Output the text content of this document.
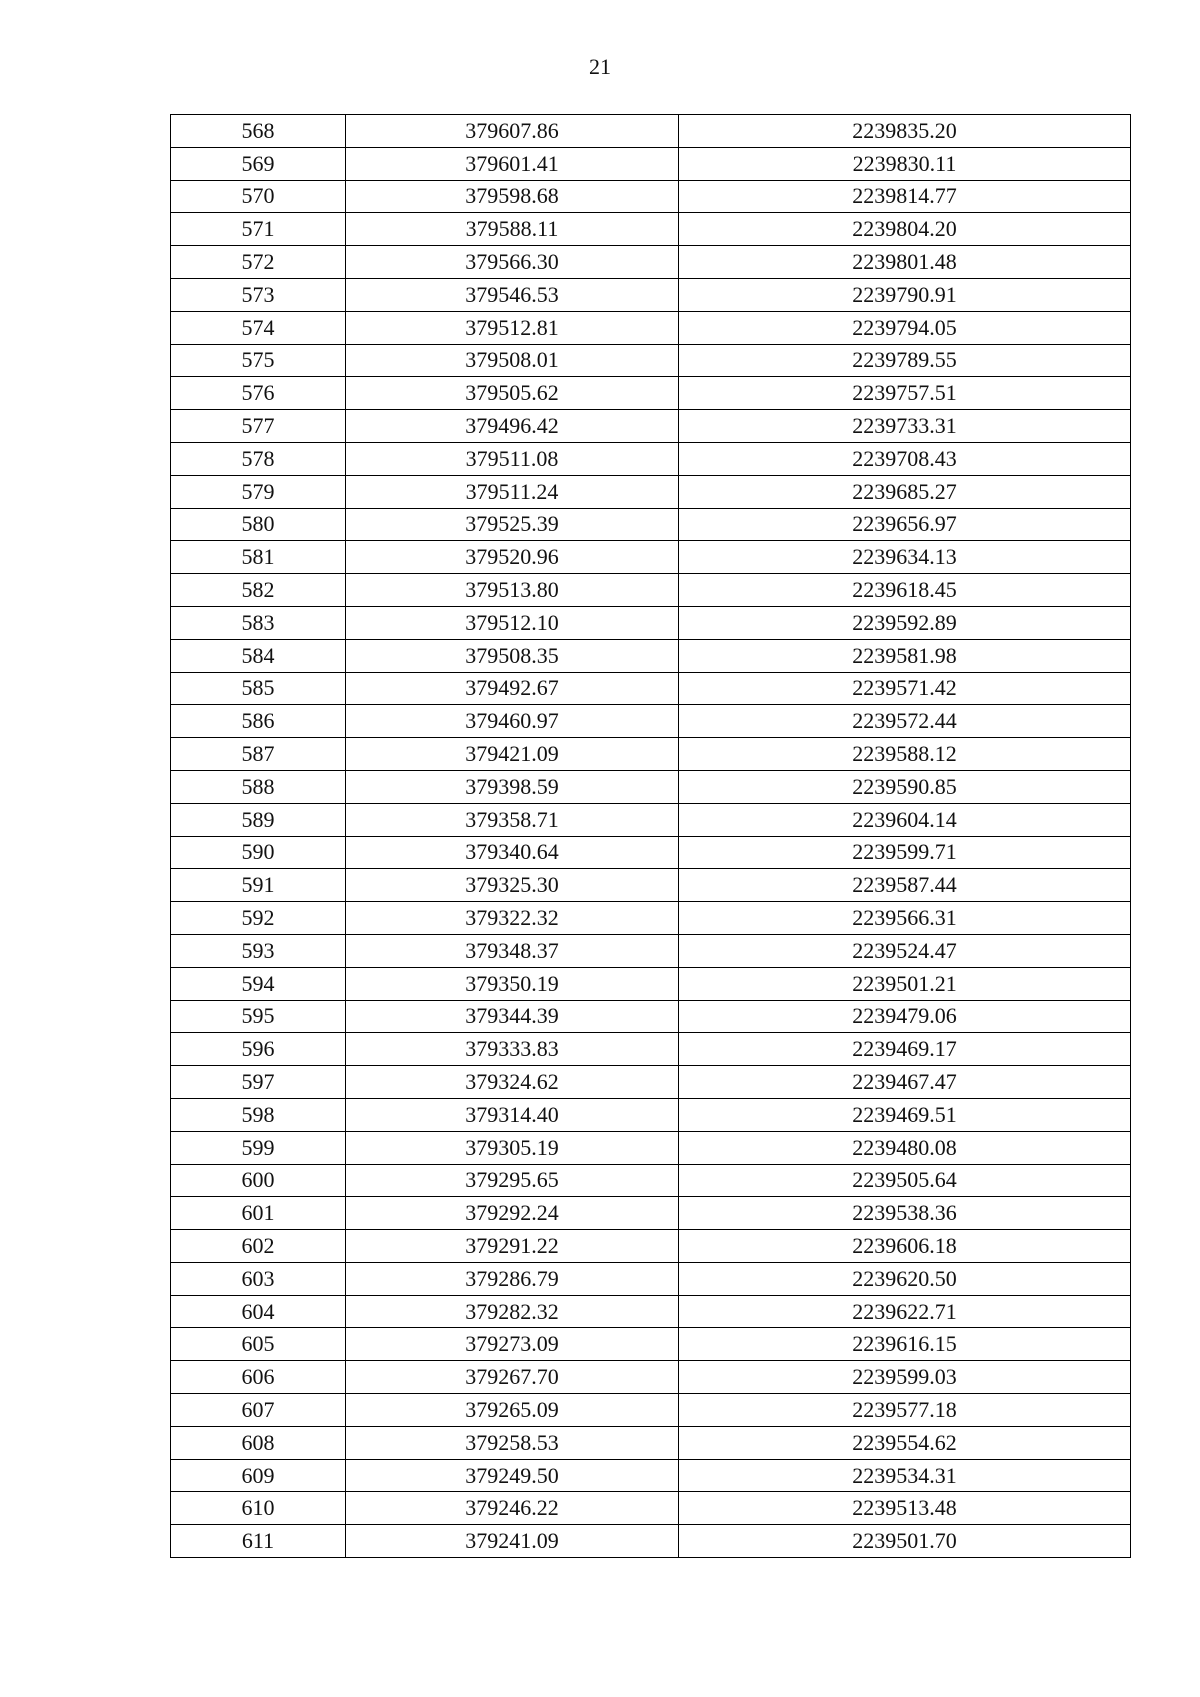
21
568	379607.86	2239835.20
569	379601.41	2239830.11
570	379598.68	2239814.77
571	379588.11	2239804.20
572	379566.30	2239801.48
573	379546.53	2239790.91
574	379512.81	2239794.05
575	379508.01	2239789.55
576	379505.62	2239757.51
577	379496.42	2239733.31
578	379511.08	2239708.43
579	379511.24	2239685.27
580	379525.39	2239656.97
581	379520.96	2239634.13
582	379513.80	2239618.45
583	379512.10	2239592.89
584	379508.35	2239581.98
585	379492.67	2239571.42
586	379460.97	2239572.44
587	379421.09	2239588.12
588	379398.59	2239590.85
589	379358.71	2239604.14
590	379340.64	2239599.71
591	379325.30	2239587.44
592	379322.32	2239566.31
593	379348.37	2239524.47
594	379350.19	2239501.21
595	379344.39	2239479.06
596	379333.83	2239469.17
597	379324.62	2239467.47
598	379314.40	2239469.51
599	379305.19	2239480.08
600	379295.65	2239505.64
601	379292.24	2239538.36
602	379291.22	2239606.18
603	379286.79	2239620.50
604	379282.32	2239622.71
605	379273.09	2239616.15
606	379267.70	2239599.03
607	379265.09	2239577.18
608	379258.53	2239554.62
609	379249.50	2239534.31
610	379246.22	2239513.48
611	379241.09	2239501.70
